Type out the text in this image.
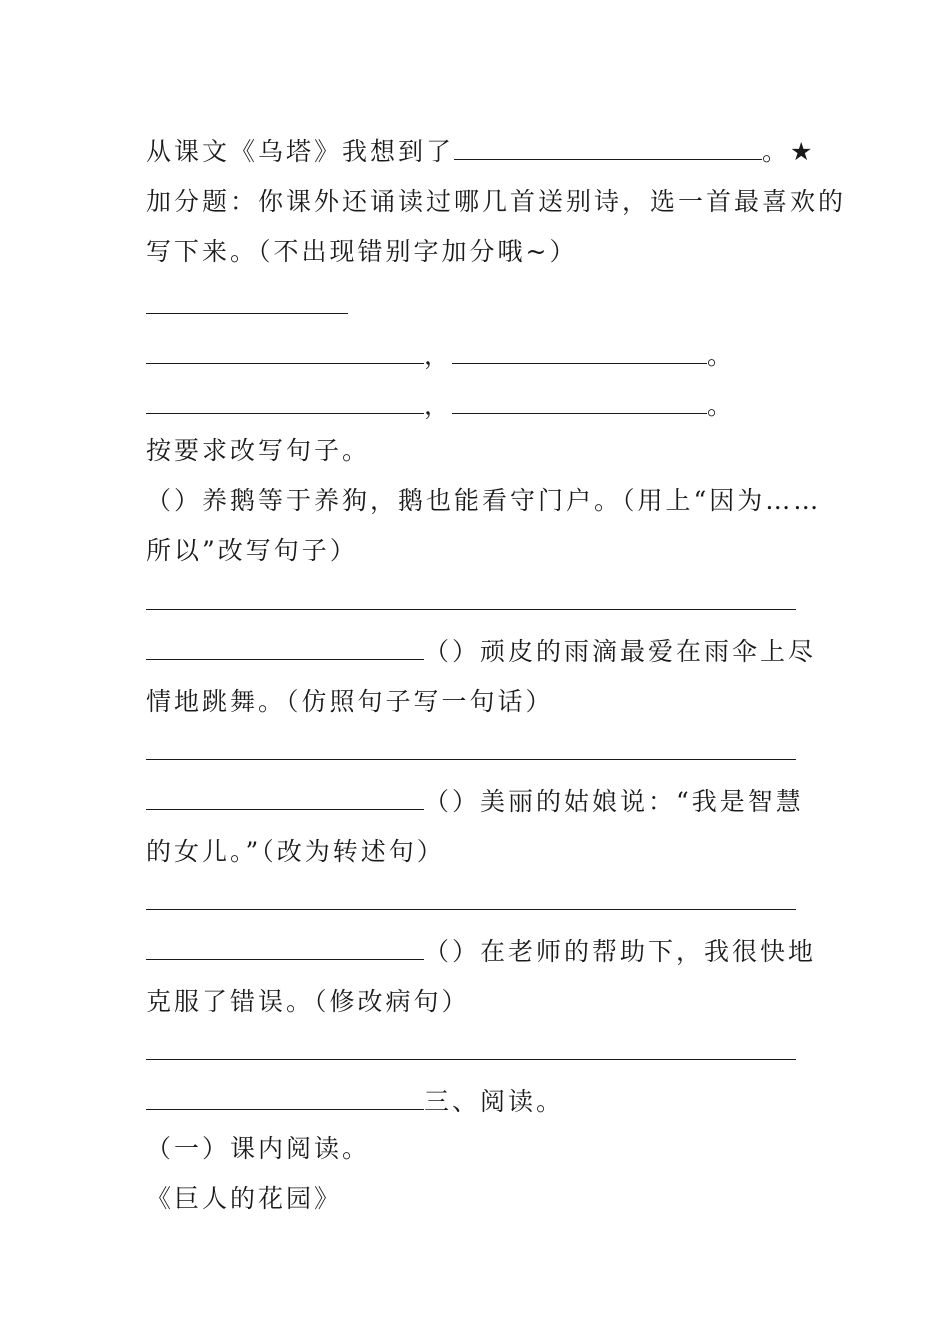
从课文《乌塔》我想到了	。★
加分题：你课外还诵读过哪几首送别诗，选一首最喜欢的
写下来。（不出现错别字加分哦~）
，	。
，	。
按要求改写句子。
（）养鹅等于养狗，鹅也能看守门户。（用上“因为……
所以”改写句子）
（）顽皮的雨滴最爱在雨伞上尽
情地跳舞。（仿照句子写一句话）
（）美丽的姑娘说：“我是智慧
的女儿。”（改为转述句）
（）在老师的帮助下，我很快地
克服了错误。（修改病句）
三、阅读。
（一）课内阅读。
《巨人的花园》
